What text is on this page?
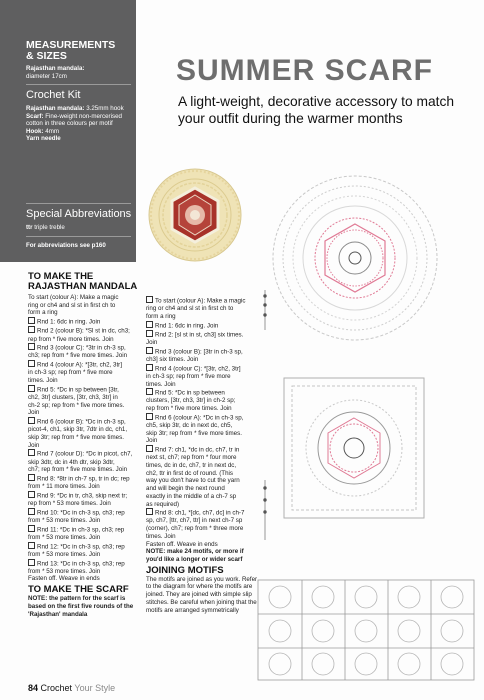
MEASUREMENTS
& SIZES
Rajasthan mandala:
diameter 17cm
Crochet Kit
Rajasthan mandala: 3.25mm hook
Scarf: Fine-weight non-mercerised cotton in three colours per motif
Hook: 4mm
Yarn needle
Special Abbreviations
ttr triple treble
For abbreviations see p160
SUMMER SCARF
A light-weight, decorative accessory to match your outfit during the warmer months
TO MAKE THE RAJASTHAN MANDALA
To start (colour A): Make a magic
ring or ch4 and sl st in first ch to
form a ring
Rnd 1: 6dc in ring. Join
Rnd 2 (colour B): *Sl st in dc, ch3;
rep from * five more times. Join
Rnd 3 (colour C): *3tr in ch-3 sp,
ch3; rep from * five more times. Join
Rnd 4 (colour A): *[3tr, ch2, 3tr]
in ch-3 sp; rep from * five more
times. Join
Rnd 5: *Dc in sp between [3tr,
ch2, 3tr] clusters, [3tr, ch3, 3tr] in
ch-2 sp; rep from * five more times.
Join
Rnd 6 (colour B): *Dc in ch-3 sp,
picot-4, ch1, skip 3tr, 7dtr in dc, ch1,
skip 3tr; rep from * five more times.
Join
Rnd 7 (colour D): *Dc in picot, ch7,
skip 3dtr, dc in 4th dtr, skip 3dtr,
ch7; rep from * five more times. Join
Rnd 8: *8tr in ch-7 sp, tr in dc; rep
from * 11 more times. Join
Rnd 9: *Dc in tr, ch3, skip next tr;
rep from * 53 more times. Join
Rnd 10: *Dc in ch-3 sp, ch3; rep
from * 53 more times. Join
Rnd 11: *Dc in ch-3 sp, ch3; rep
from * 53 more times. Join
Rnd 12: *Dc in ch-3 sp, ch3; rep
from * 53 more times. Join
Rnd 13: *Dc in ch-3 sp, ch3; rep
from * 53 more times. Join
Fasten off. Weave in ends
TO MAKE THE SCARF
NOTE: the pattern for the scarf is based on the first five rounds of the 'Rajasthan' mandala
To start (colour A): Make a magic
ring or ch4 and sl st in first ch to
form a ring
Rnd 1: 6dc in ring. Join
Rnd 2: [sl st in st, ch3] six times.
Join
Rnd 3 (colour B): [3tr in ch-3 sp,
ch3] six times. Join
Rnd 4 (colour C): *[3tr, ch2, 3tr]
in ch-3 sp; rep from * five more
times. Join
Rnd 5: *Dc in sp between
clusters, [3tr, ch3, 3tr] in ch-2 sp;
rep from * five more times. Join
Rnd 6 (colour A): *Dc in ch-3 sp,
ch5, skip 3tr, dc in next dc, ch5,
skip 3tr; rep from * five more times.
Join
Rnd 7: ch1, *dc in dc, ch7, tr in
next st, ch7; rep from * four more
times, dc in dc, ch7, tr in next dc,
ch2, ttr in first dc of round. (This
way you don't have to cut the yarn
and will begin the next round
exactly in the middle of a ch-7 sp
as required)
Rnd 8: ch1, *[dc, ch7, dc] in ch-7
sp, ch7, [ttr, ch7, ttr] in next ch-7 sp
(corner), ch7; rep from * three more
times. Join
Fasten off. Weave in ends
NOTE: make 24 motifs, or more if you'd like a longer or wider scarf
JOINING MOTIFS
The motifs are joined as you work. Refer to the diagram for where the motifs are joined. They are joined with simple slip stitches. Be careful when joining that the motifs are arranged symmetrically
84 Crochet Your Style
